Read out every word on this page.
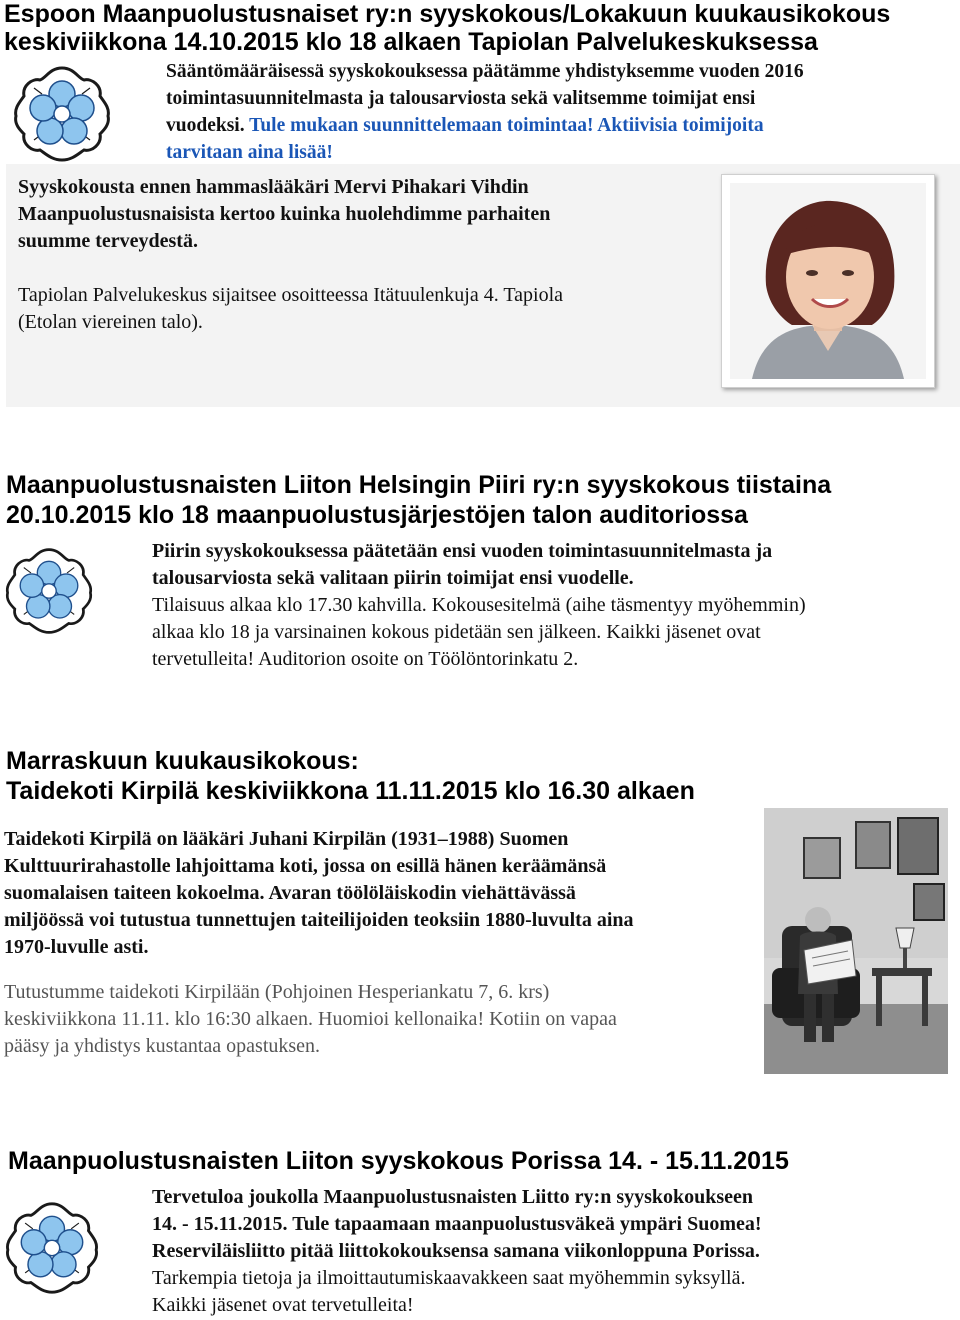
Espoon Maanpuolustusnaiset ry:n syyskokous/Lokakuun kuukausikokous

keskiviikkona 14.10.2015 klo 18 alkaen Tapiolan Palvelukeskuksessa

Sääntömääräisessä syyskokouksessa päätämme yhdistyksemme vuoden 2016

toimintasuunnitelmasta ja talousarviosta sekä valitsemme toimijat ensi

vuodeksi. Tule mukaan suunnittelemaan toimintaa! Aktiivisia toimijoita

tarvitaan aina lisää!

Syyskokousta ennen hammaslääkäri Mervi Pihakari Vihdin

Maanpuolustusnaisista kertoo kuinka huolehdimme parhaiten

suumme terveydestä.

Tapiolan Palvelukeskus sijaitsee osoitteessa Itätuulenkuja 4. Tapiola

(Etolan viereinen talo).

Maanpuolustusnaisten Liiton Helsingin Piiri ry:n syyskokous tiistaina

20.10.2015 klo 18 maanpuolustusjärjestöjen talon auditoriossa

Piirin syyskokouksessa päätetään ensi vuoden toimintasuunnitelmasta ja

talousarviosta sekä valitaan piirin toimijat ensi vuodelle.

Tilaisuus alkaa klo 17.30 kahvilla. Kokousesitelmä (aihe täsmentyy myöhemmin)

alkaa klo 18 ja varsinainen kokous pidetään sen jälkeen. Kaikki jäsenet ovat

tervetulleita! Auditorion osoite on Töölöntorinkatu 2.

Marraskuun kuukausikokous:

Taidekoti Kirpilä keskiviikkona 11.11.2015 klo 16.30 alkaen

Taidekoti Kirpilä on lääkäri Juhani Kirpilän (1931–1988) Suomen

Kulttuurirahastolle lahjoittama koti, jossa on esillä hänen keräämänsä

suomalaisen taiteen kokoelma. Avaran töölöläiskodin viehättävässä

miljöössä voi tutustua tunnettujen taiteilijoiden teoksiin 1880-luvulta aina

1970-luvulle asti.

Tutustumme taidekoti Kirpilään (Pohjoinen Hesperiankatu 7, 6. krs)

keskiviikkona 11.11. klo 16:30 alkaen. Huomioi kellonaika! Kotiin on vapaa

pääsy ja yhdistys kustantaa opastuksen.

Maanpuolustusnaisten Liiton syyskokous Porissa 14. - 15.11.2015

Tervetuloa joukolla Maanpuolustusnaisten Liitto ry:n syyskokoukseen

14. - 15.11.2015. Tule tapaamaan maanpuolustusväkeä ympäri Suomea!

Reserviläisliitto pitää liittokokouksensa samana viikonloppuna Porissa.

Tarkempia tietoja ja ilmoittautumiskaavakkeen saat myöhemmin syksyllä.

Kaikki jäsenet ovat tervetulleita!
